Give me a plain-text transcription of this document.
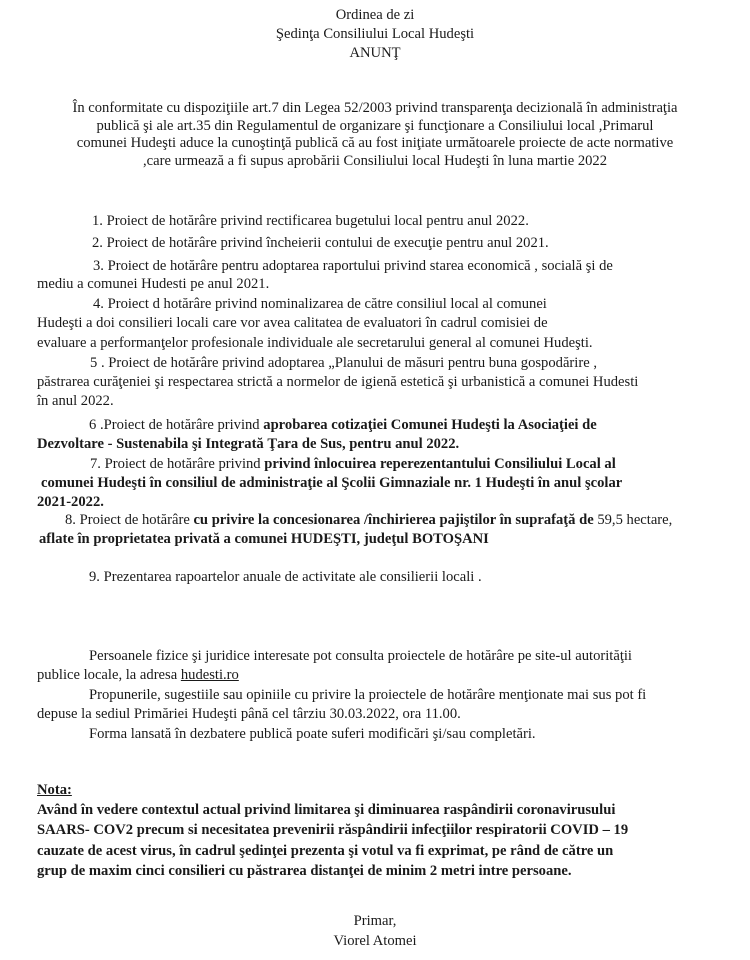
Ordinea de zi
Şedinţa Consiliului Local Hudeşti
ANUNŢ
În conformitate cu dispoziţiile art.7 din Legea 52/2003 privind transparenţa decizională în administraţia
publică şi ale art.35 din Regulamentul de organizare şi funcţionare a Consiliului local ,Primarul
comunei Hudeşti aduce la cunoştinţă publică că au fost iniţiate următoarele proiecte de acte normative
,care urmează a fi supus aprobării Consiliului local Hudeşti în luna martie 2022
1. Proiect de hotărâre privind rectificarea bugetului local pentru anul 2022.
2. Proiect de hotărâre privind încheierii contului de execuţie pentru anul 2021.
3. Proiect de hotărâre pentru adoptarea raportului privind starea economică , socială şi de
mediu a comunei Hudesti pe anul 2021.
4. Proiect d hotărâre privind nominalizarea de către consiliul local al comunei
Hudeşti a doi consilieri locali care vor avea calitatea de evaluatori în cadrul comisiei de
evaluare a performanţelor profesionale individuale ale secretarului general al comunei Hudeşti.
5 . Proiect de hotărâre privind adoptarea „Planului de măsuri pentru buna gospodărire ,
păstrarea curăţeniei şi respectarea strictă a normelor de igienă estetică şi urbanistică a comunei Hudesti
în anul 2022.
6 .Proiect de hotărâre privind aprobarea cotizaţiei Comunei Hudeşti la Asociaţiei de
Dezvoltare - Sustenabila şi Integrată Ţara de Sus, pentru anul 2022.
7. Proiect de hotărâre privind privind înlocuirea reperezentantului Consiliului Local al
comunei Hudeşti în consiliul de administraţie al Şcolii Gimnaziale nr. 1 Hudeşti în anul şcolar
2021-2022.
8. Proiect de hotărâre cu privire la concesionarea /închirierea pajiştilor în suprafaţă de 59,5 hectare,
aflate în proprietatea privată a comunei HUDEŞTI, judeţul BOTOŞANI
9. Prezentarea rapoartelor anuale de activitate ale consilierii locali .
Persoanele fizice şi juridice interesate pot consulta proiectele de hotărâre pe site-ul autorităţii
publice locale, la adresa hudesti.ro
Propunerile, sugestiile sau opiniile cu privire la proiectele de hotărâre menţionate mai sus pot fi
depuse la sediul Primăriei Hudeşti până cel târziu 30.03.2022, ora 11.00.
Forma lansată în dezbatere publică poate suferi modificări şi/sau completări.
Nota:
Având în vedere contextul actual privind limitarea şi diminuarea raspândirii coronavirusului
SAARS- COV2 precum si necesitatea prevenirii răspândirii infecţiilor respiratorii COVID – 19
cauzate de acest virus, în cadrul şedinţei prezenta şi votul va fi exprimat, pe rând de către un
grup de maxim cinci consilieri cu păstrarea distanţei de minim 2 metri intre persoane.
Primar,
Viorel Atomei
